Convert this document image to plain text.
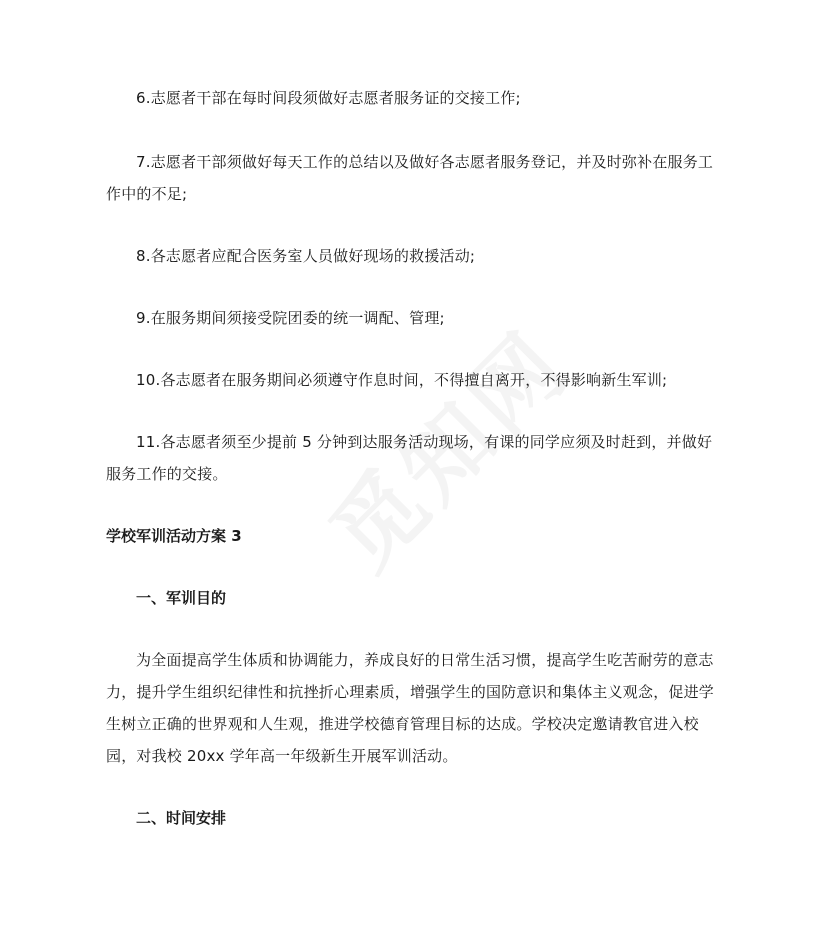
6.志愿者干部在每时间段须做好志愿者服务证的交接工作;

7.志愿者干部须做好每天工作的总结以及做好各志愿者服务登记，并及时弥补在服务工作中的不足;

8.各志愿者应配合医务室人员做好现场的救援活动;

9.在服务期间须接受院团委的统一调配、管理;

10.各志愿者在服务期间必须遵守作息时间，不得擅自离开，不得影响新生军训;

11.各志愿者须至少提前 5 分钟到达服务活动现场，有课的同学应须及时赶到，并做好服务工作的交接。

学校军训活动方案 3
一、军训目的

为全面提高学生体质和协调能力，养成良好的日常生活习惯，提高学生吃苦耐劳的意志力，提升学生组织纪律性和抗挫折心理素质，增强学生的国防意识和集体主义观念，促进学生树立正确的世界观和人生观，推进学校德育管理目标的达成。学校决定邀请教官进入校园，对我校 20xx 学年高一年级新生开展军训活动。

二、时间安排
